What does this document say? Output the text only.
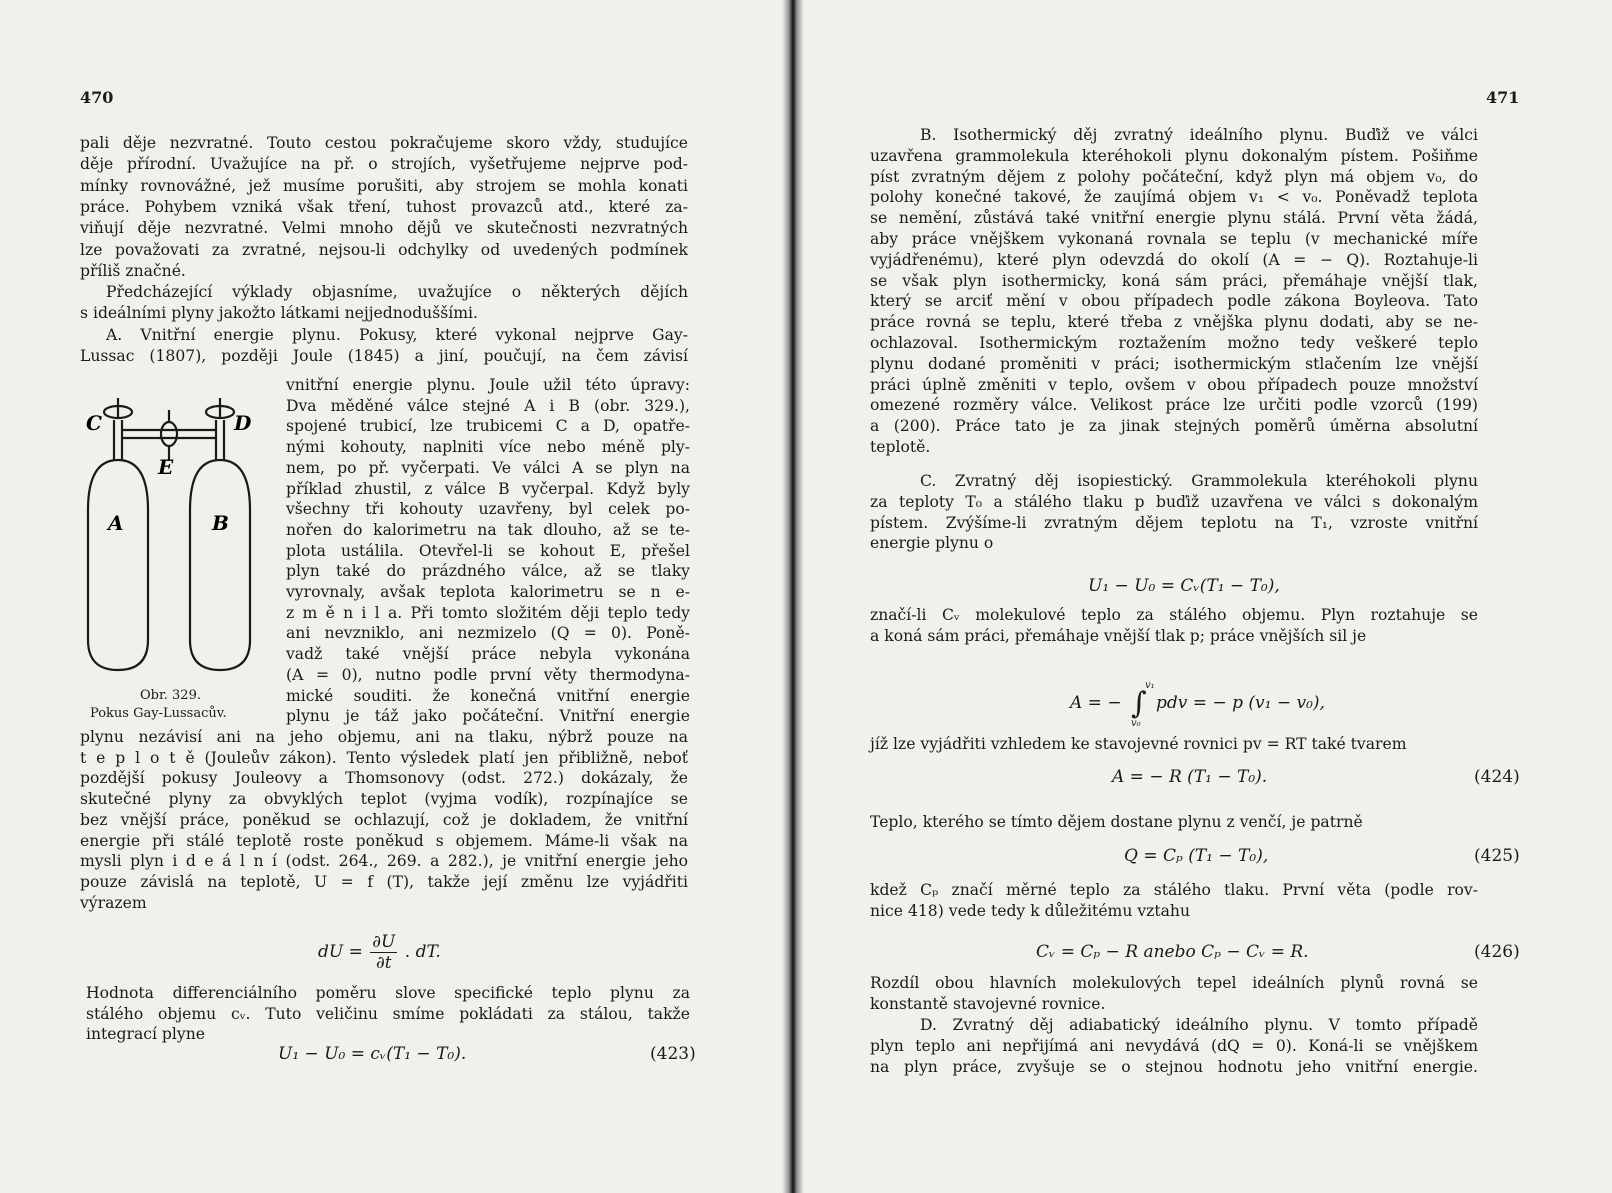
pali děje nezvratné. Touto cestou pokračujeme skoro vždy, studujíce

děje přírodní. Uvažujíce na př. o strojích, vyšetřujeme nejprve pod-

mínky rovnovážné, jež musíme porušiti, aby strojem se mohla konati

práce. Pohybem vzniká však tření, tuhost provazců atd., které za-

viňují děje nezvratné. Velmi mnoho dějů ve skutečnosti nezvratných

lze považovati za zvratné, nejsou-li odchylky od uvedených podmínek

příliš značné.

Předcházející výklady objasníme, uvažujíce o některých dějích

s ideálními plyny jakožto látkami nejjednoduššími.

A. Vnitřní energie plynu. Pokusy, které vykonal nejprve Gay-

Lussac (1807), později Joule (1845) a jiní, poučují, na čem závisí

vnitřní energie plynu. Joule užil této úpravy:

Dva měděné válce stejné A i B (obr. 329.),

spojené trubicí, lze trubicemi C a D, opatře-

nými kohouty, naplniti více nebo méně ply-

nem, po př. vyčerpati. Ve válci A se plyn na

příklad zhustil, z válce B vyčerpal. Když byly

všechny tři kohouty uzavřeny, byl celek po-

nořen do kalorimetru na tak dlouho, až se te-

plota ustálila. Otevřel-li se kohout E, přešel

plyn také do prázdného válce, až se tlaky

vyrovnaly, avšak teplota kalorimetru se n e-

z m ě n i l a. Při tomto složitém ději teplo tedy

ani nevzniklo, ani nezmizelo (Q = 0). Poně-

vadž také vnější práce nebyla vykonána

(A = 0), nutno podle první věty thermodyna-

mické souditi. že konečná vnitřní energie

plynu je táž jako počáteční. Vnitřní energie

plynu nezávisí ani na jeho objemu, ani na tlaku, nýbrž pouze na

t e p l o t ě (Jouleův zákon). Tento výsledek platí jen přibližně, neboť

pozdější pokusy Jouleovy a Thomsonovy (odst. 272.) dokázaly, že

skutečné plyny za obvyklých teplot (vyjma vodík), rozpínajíce se

bez vnější práce, poněkud se ochlazují, což je dokladem, že vnitřní

energie při stálé teplotě roste poněkud s objemem. Máme-li však na

mysli plyn i d e á l n í (odst. 264., 269. a 282.), je vnitřní energie jeho

pouze závislá na teplotě, U = f (T), takže její změnu lze vyjádřiti

výrazem

Hodnota differenciálního poměru slove specifické teplo plynu za

stálého objemu cᵥ. Tuto veličinu smíme pokládati za stálou, takže

integrací plyne

B. Isothermický děj zvratný ideálního plynu. Buďiž ve válci

uzavřena grammolekula kteréhokoli plynu dokonalým pístem. Pošiňme

píst zvratným dějem z polohy počáteční, když plyn má objem v₀, do

polohy konečné takové, že zaujímá objem v₁ < v₀. Poněvadž teplota

se nemění, zůstává také vnitřní energie plynu stálá. První věta žádá,

aby práce vnějškem vykonaná rovnala se teplu (v mechanické míře

vyjádřenému), které plyn odevzdá do okolí (A = − Q). Roztahuje-li

se však plyn isothermicky, koná sám práci, přemáhaje vnější tlak,

který se arciť mění v obou případech podle zákona Boyleova. Tato

práce rovná se teplu, které třeba z vnějška plynu dodati, aby se ne-

ochlazoval. Isothermickým roztažením možno tedy veškeré teplo

plynu dodané proměniti v práci; isothermickým stlačením lze vnější

práci úplně změniti v teplo, ovšem v obou případech pouze množství

omezené rozměry válce. Velikost práce lze určiti podle vzorců (199)

a (200). Práce tato je za jinak stejných poměrů úměrna absolutní

teplotě.

C. Zvratný děj isopiestický. Grammolekula kteréhokoli plynu

za teploty T₀ a stálého tlaku p buďiž uzavřena ve válci s dokonalým

pístem. Zvýšíme-li zvratným dějem teplotu na T₁, vzroste vnitřní

energie plynu o

značí-li Cᵥ molekulové teplo za stálého objemu. Plyn roztahuje se

a koná sám práci, přemáhaje vnější tlak p; práce vnějších sil je

jíž lze vyjádřiti vzhledem ke stavojevné rovnici pv = RT také tvarem

Teplo, kterého se tímto dějem dostane plynu z venčí, je patrně

kdež Cₚ značí měrné teplo za stálého tlaku. První věta (podle rov-

nice 418) vede tedy k důležitému vztahu

Rozdíl obou hlavních molekulových tepel ideálních plynů rovná se

konstantě stavojevné rovnice.

D. Zvratný děj adiabatický ideálního plynu. V tomto případě

plyn teplo ani nepřijímá ani nevydává (dQ = 0). Koná-li se vnějškem

na plyn práce, zvyšuje se o stejnou hodnotu jeho vnitřní energie.

470	471
C	D
E
A	B
Obr. 329.
Pokus Gay-Lussacův.
dU = $\frac{\partial U}{\partial t}$ . dT.
U₁ − U₀ = cᵥ(T₁ − T₀).	(423)
U₁ − U₀ = Cᵥ(T₁ − T₀),
A = − ∫
v₁
v₀
pdv = − p (v₁ − v₀),
A = − R (T₁ − T₀).	(424)
Q = Cₚ (T₁ − T₀),	(425)
Cᵥ = Cₚ − R anebo Cₚ − Cᵥ = R.	(426)
